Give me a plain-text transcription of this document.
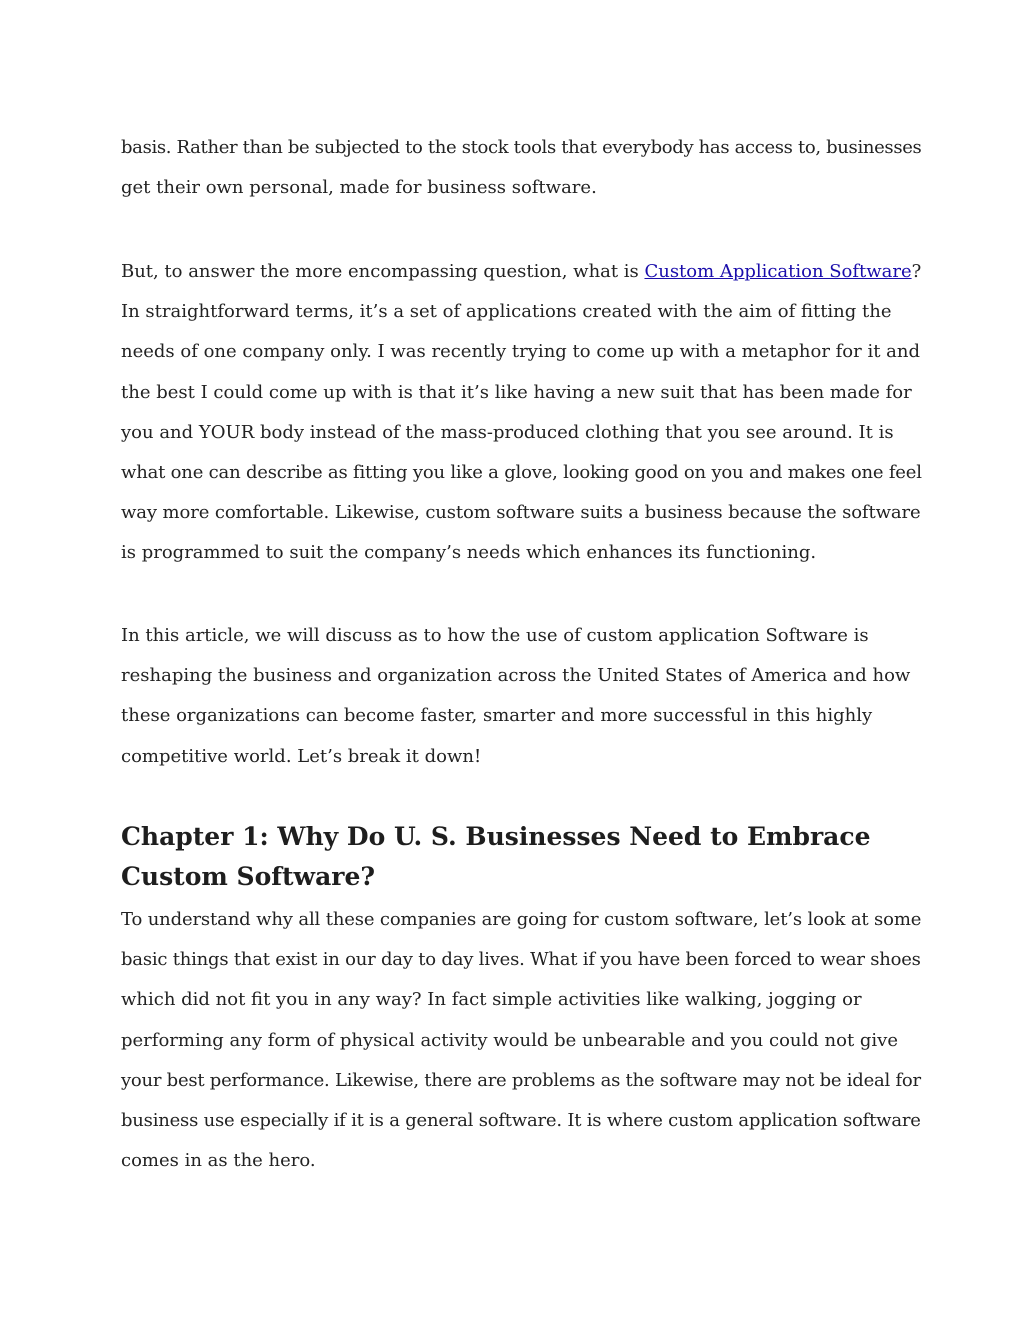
basis. Rather than be subjected to the stock tools that everybody has access to, businesses
get their own personal, made for business software.
But, to answer the more encompassing question, what is Custom Application Software?
In straightforward terms, it’s a set of applications created with the aim of fitting the
needs of one company only. I was recently trying to come up with a metaphor for it and
the best I could come up with is that it’s like having a new suit that has been made for
you and YOUR body instead of the mass-produced clothing that you see around. It is
what one can describe as fitting you like a glove, looking good on you and makes one feel
way more comfortable. Likewise, custom software suits a business because the software
is programmed to suit the company’s needs which enhances its functioning.
In this article, we will discuss as to how the use of custom application Software is
reshaping the business and organization across the United States of America and how
these organizations can become faster, smarter and more successful in this highly
competitive world. Let’s break it down!
Chapter 1: Why Do U. S. Businesses Need to Embrace
Custom Software?
To understand why all these companies are going for custom software, let’s look at some
basic things that exist in our day to day lives. What if you have been forced to wear shoes
which did not fit you in any way? In fact simple activities like walking, jogging or
performing any form of physical activity would be unbearable and you could not give
your best performance. Likewise, there are problems as the software may not be ideal for
business use especially if it is a general software. It is where custom application software
comes in as the hero.
